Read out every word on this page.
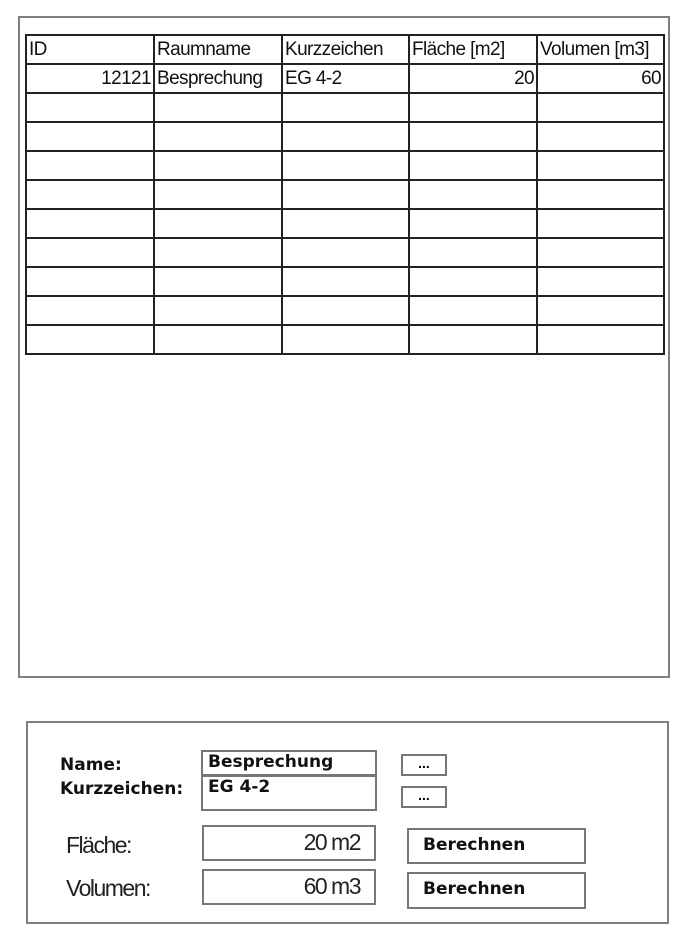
ID	Raumname	Kurzzeichen	Fläche [m2]	Volumen [m3]
12121	Besprechung	EG 4-2	20	60

Name:	Besprechung	...
Kurzzeichen:	EG 4-2	...
Fläche:	20 m2	Berechnen
Volumen:	60 m3	Berechnen
